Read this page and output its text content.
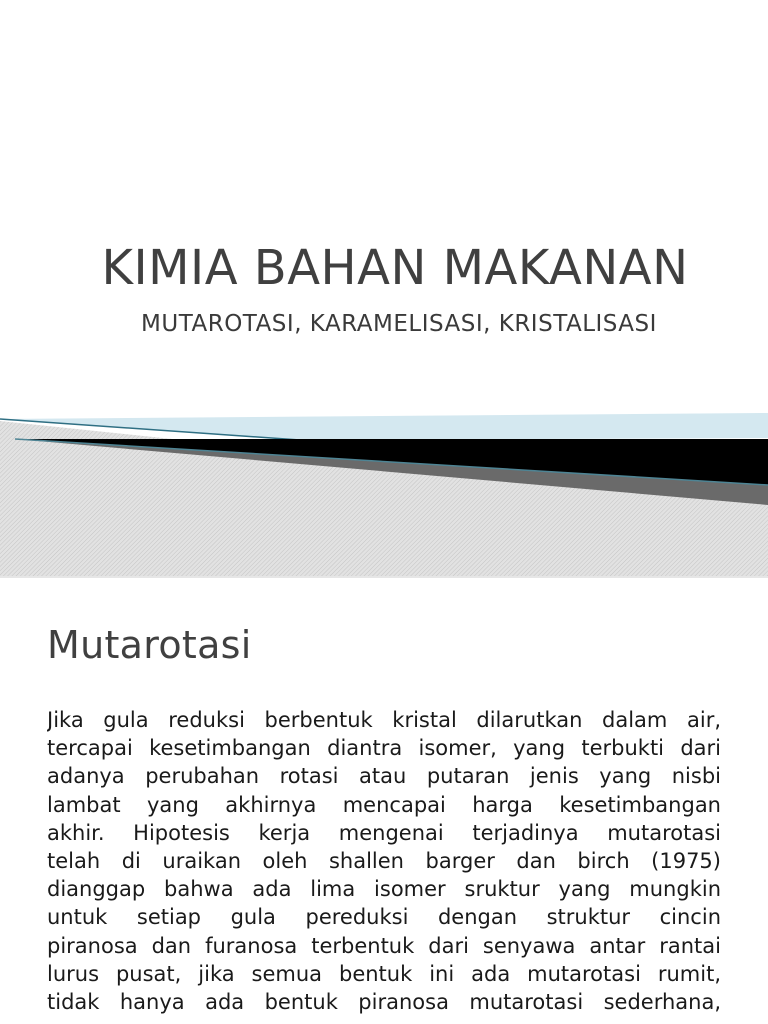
KIMIA BAHAN MAKANAN
MUTAROTASI, KARAMELISASI, KRISTALISASI
Mutarotasi
Jika gula reduksi berbentuk kristal dilarutkan dalam air,
tercapai kesetimbangan diantra isomer, yang terbukti dari
adanya perubahan rotasi atau putaran jenis yang nisbi
lambat yang akhirnya mencapai harga kesetimbangan
akhir. Hipotesis kerja mengenai terjadinya mutarotasi
telah di uraikan oleh shallen barger dan birch (1975)
dianggap bahwa ada lima isomer sruktur yang mungkin
untuk setiap gula pereduksi dengan struktur cincin
piranosa dan furanosa terbentuk dari senyawa antar rantai
lurus pusat, jika semua bentuk ini ada mutarotasi rumit,
tidak hanya ada bentuk piranosa mutarotasi sederhana,
